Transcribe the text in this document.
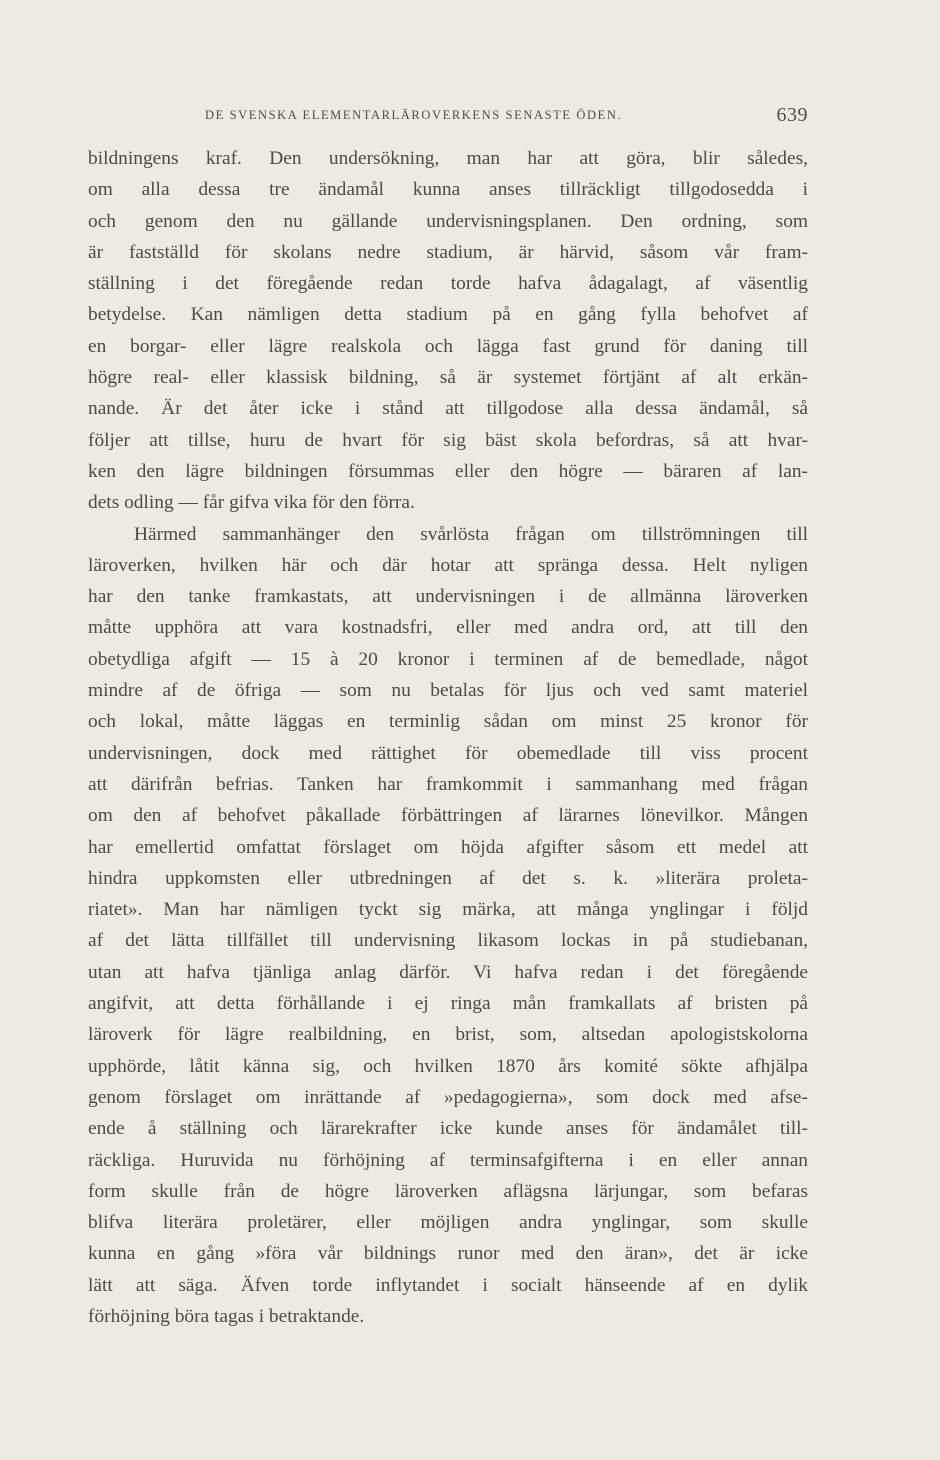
DE SVENSKA ELEMENTARLÄROVERKENS SENASTE ÖDEN.	639
bildningens kraf. Den undersökning, man har att göra, blir således,
om alla dessa tre ändamål kunna anses tillräckligt tillgodosedda i
och genom den nu gällande undervisningsplanen. Den ordning, som
är fastställd för skolans nedre stadium, är härvid, såsom vår fram-
ställning i det föregående redan torde hafva ådagalagt, af väsentlig
betydelse. Kan nämligen detta stadium på en gång fylla behofvet af
en borgar- eller lägre realskola och lägga fast grund för daning till
högre real- eller klassisk bildning, så är systemet förtjänt af alt erkän-
nande. Är det åter icke i stånd att tillgodose alla dessa ändamål, så
följer att tillse, huru de hvart för sig bäst skola befordras, så att hvar-
ken den lägre bildningen försummas eller den högre — bäraren af lan-
dets odling — får gifva vika för den förra.
Härmed sammanhänger den svårlösta frågan om tillströmningen till
läroverken, hvilken här och där hotar att spränga dessa. Helt nyligen
har den tanke framkastats, att undervisningen i de allmänna läroverken
måtte upphöra att vara kostnadsfri, eller med andra ord, att till den
obetydliga afgift — 15 à 20 kronor i terminen af de bemedlade, något
mindre af de öfriga — som nu betalas för ljus och ved samt materiel
och lokal, måtte läggas en terminlig sådan om minst 25 kronor för
undervisningen, dock med rättighet för obemedlade till viss procent
att därifrån befrias. Tanken har framkommit i sammanhang med frågan
om den af behofvet påkallade förbättringen af lärarnes lönevilkor. Mången
har emellertid omfattat förslaget om höjda afgifter såsom ett medel att
hindra uppkomsten eller utbredningen af det s. k. »literära proleta-
riatet». Man har nämligen tyckt sig märka, att många ynglingar i följd
af det lätta tillfället till undervisning likasom lockas in på studiebanan,
utan att hafva tjänliga anlag därför. Vi hafva redan i det föregående
angifvit, att detta förhållande i ej ringa mån framkallats af bristen på
läroverk för lägre realbildning, en brist, som, altsedan apologistskolorna
upphörde, låtit känna sig, och hvilken 1870 års komité sökte afhjälpa
genom förslaget om inrättande af »pedagogierna», som dock med afse-
ende å ställning och lärarekrafter icke kunde anses för ändamålet till-
räckliga. Huruvida nu förhöjning af terminsafgifterna i en eller annan
form skulle från de högre läroverken aflägsna lärjungar, som befaras
blifva literära proletärer, eller möjligen andra ynglingar, som skulle
kunna en gång »föra vår bildnings runor med den äran», det är icke
lätt att säga. Äfven torde inflytandet i socialt hänseende af en dylik
förhöjning böra tagas i betraktande.
